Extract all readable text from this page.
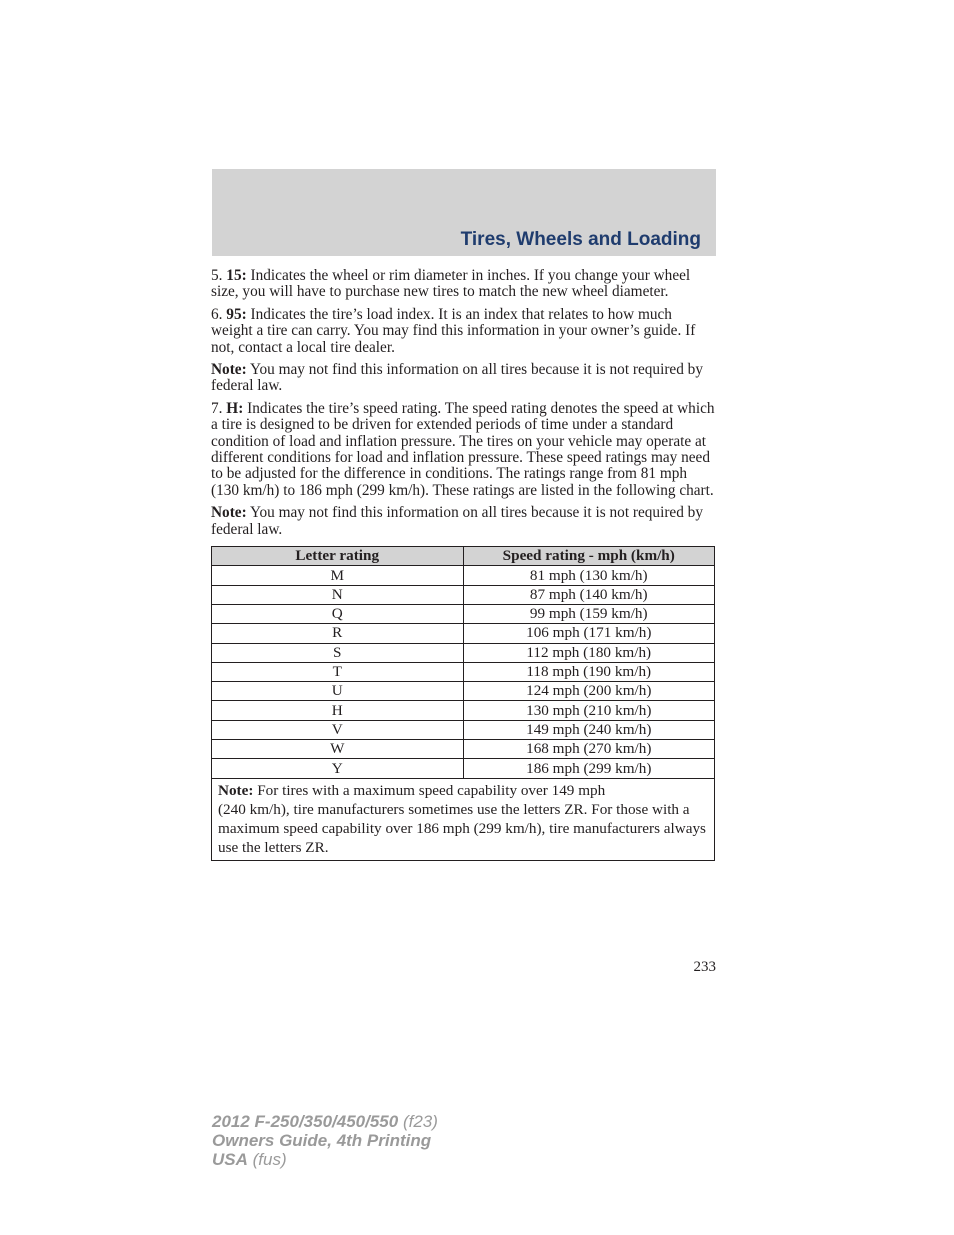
Tires, Wheels and Loading

5. 15: Indicates the wheel or rim diameter in inches. If you change your wheel size, you will have to purchase new tires to match the new wheel diameter.

6. 95: Indicates the tire’s load index. It is an index that relates to how much weight a tire can carry. You may find this information in your owner’s guide. If not, contact a local tire dealer.

Note: You may not find this information on all tires because it is not required by federal law.

7. H: Indicates the tire’s speed rating. The speed rating denotes the speed at which a tire is designed to be driven for extended periods of time under a standard condition of load and inflation pressure. The tires on your vehicle may operate at different conditions for load and inflation pressure. These speed ratings may need to be adjusted for the difference in conditions. The ratings range from 81 mph (130 km/h) to 186 mph (299 km/h). These ratings are listed in the following chart.

Note: You may not find this information on all tires because it is not required by federal law.

Letter rating	Speed rating - mph (km/h)
M	81 mph (130 km/h)
N	87 mph (140 km/h)
Q	99 mph (159 km/h)
R	106 mph (171 km/h)
S	112 mph (180 km/h)
T	118 mph (190 km/h)
U	124 mph (200 km/h)
H	130 mph (210 km/h)
V	149 mph (240 km/h)
W	168 mph (270 km/h)
Y	186 mph (299 km/h)
Note: For tires with a maximum speed capability over 149 mph
(240 km/h), tire manufacturers sometimes use the letters ZR. For those with a maximum speed capability over 186 mph (299 km/h), tire manufacturers always use the letters ZR.	
233
2012 F-250/350/450/550 (f23)
Owners Guide, 4th Printing
USA (fus)
